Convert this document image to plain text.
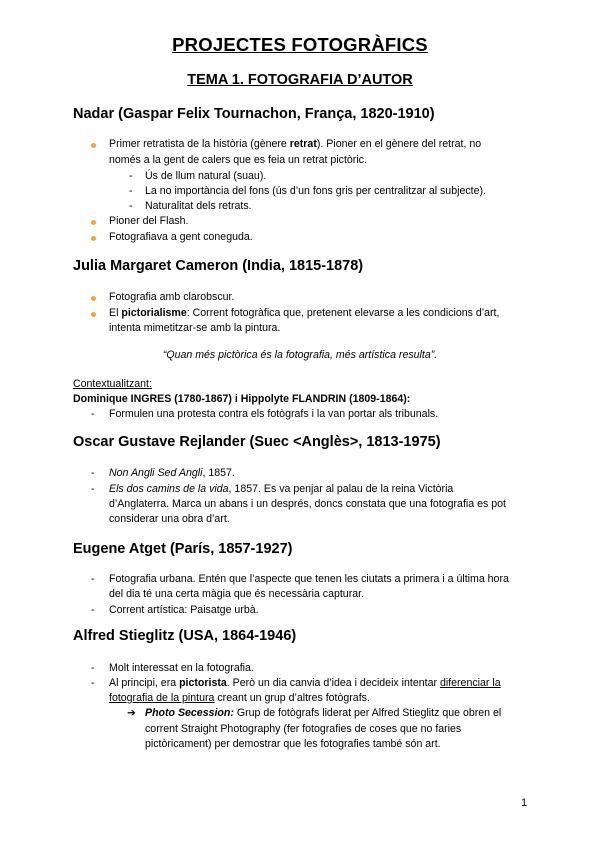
PROJECTES FOTOGRÀFICS
TEMA 1. FOTOGRAFIA D’AUTOR
Nadar (Gaspar Felix Tournachon, França, 1820-1910)
Primer retratista de la història (gènere retrat). Pioner en el gènere del retrat, no
només a la gent de calers que es feia un retrat pictòric.
- Ús de llum natural (suau).
- La no importància del fons (ús d’un fons gris per centralitzar al subjecte).
- Naturalitat dels retrats.
Pioner del Flash.
Fotografiava a gent coneguda.
Julia Margaret Cameron (India, 1815-1878)
Fotografia amb clarobscur.
El pictorialisme: Corrent fotogràfica que, pretenent elevarse a les condicions d’art,
intenta mimetitzar-se amb la pintura.
“Quan més pictòrica és la fotografia, més artística resulta”.
Contextualitzant:
Dominique INGRES (1780-1867) i Hippolyte FLANDRIN (1809-1864):
- Formulen una protesta contra els fotògrafs i la van portar als tribunals.
Oscar Gustave Rejlander (Suec <Anglès>, 1813-1975)
- Non Angli Sed Angli, 1857.
- Els dos camins de la vida, 1857. Es va penjar al palau de la reina Victòria
d’Anglaterra. Marca un abans i un després, doncs constata que una fotografia es pot
considerar una obra d’art.
Eugene Atget (París, 1857-1927)
- Fotografia urbana. Entén que l’aspecte que tenen les ciutats a primera i a última hora
del dia té una certa màgia que és necessària capturar.
- Corrent artística: Paisatge urbà.
Alfred Stieglitz (USA, 1864-1946)
- Molt interessat en la fotografia.
- Al principi, era pictorista. Però un dia canvia d’idea i decideix intentar diferenciar la
fotografia de la pintura creant un grup d’altres fotògrafs.
➔ Photo Secession: Grup de fotògrafs liderat per Alfred Stieglitz que obren el
corrent Straight Photography (fer fotografies de coses que no faries
pictòricament) per demostrar que les fotografies també són art.
1
